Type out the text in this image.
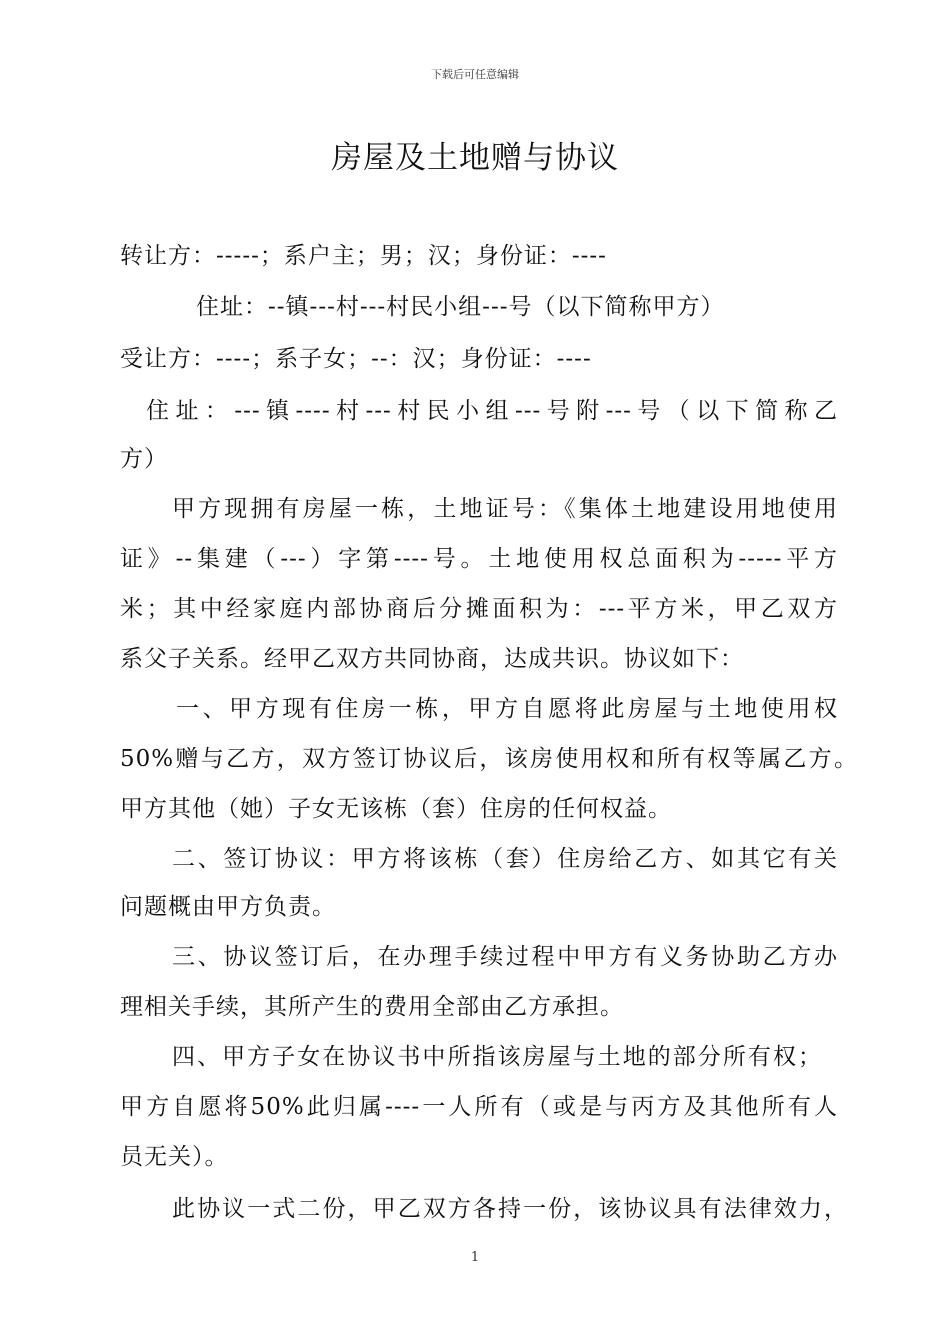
下载后可任意编辑
房屋及土地赠与协议
转让方：-----；系户主；男；汉；身份证：----
住址：--镇---村---村民小组---号（以下简称甲方）
受让方：----；系子女；--：汉；身份证：----
住址：---镇----村---村民小组---号附---号（以下简称乙
方）
甲方现拥有房屋一栋，土地证号：《集体土地建设用地使用
证》--集建（---）字第----号。土地使用权总面积为-----平方
米；其中经家庭内部协商后分摊面积为：---平方米，甲乙双方
系父子关系。经甲乙双方共同协商，达成共识。协议如下：
一、甲方现有住房一栋，甲方自愿将此房屋与土地使用权
50%赠与乙方，双方签订协议后，该房使用权和所有权等属乙方。
甲方其他（她）子女无该栋（套）住房的任何权益。
二、签订协议：甲方将该栋（套）住房给乙方、如其它有关
问题概由甲方负责。
三、协议签订后，在办理手续过程中甲方有义务协助乙方办
理相关手续，其所产生的费用全部由乙方承担。
四、甲方子女在协议书中所指该房屋与土地的部分所有权；
甲方自愿将50%此归属----一人所有（或是与丙方及其他所有人
员无关）。
此协议一式二份，甲乙双方各持一份，该协议具有法律效力，
1
